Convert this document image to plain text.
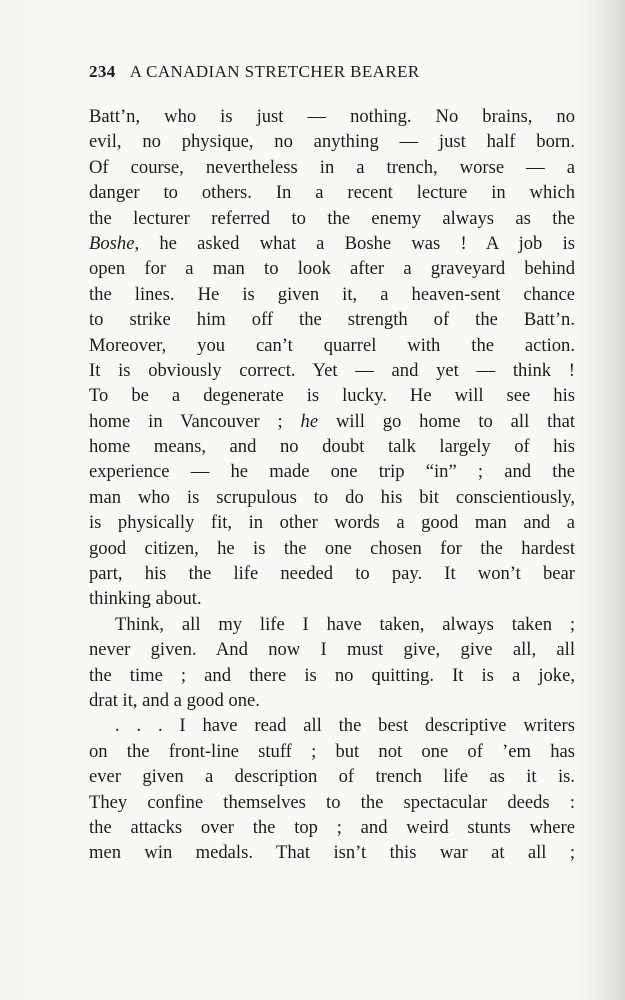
234 A CANADIAN STRETCHER BEARER
Batt’n, who is just — nothing. No brains, no
evil, no physique, no anything — just half born.
Of course, nevertheless in a trench, worse — a
danger to others. In a recent lecture in which
the lecturer referred to the enemy always as the
Boshe, he asked what a Boshe was ! A job is
open for a man to look after a graveyard behind
the lines. He is given it, a heaven-sent chance
to strike him off the strength of the Batt’n.
Moreover, you can’t quarrel with the action.
It is obviously correct. Yet — and yet — think !
To be a degenerate is lucky. He will see his
home in Vancouver ; he will go home to all that
home means, and no doubt talk largely of his
experience — he made one trip “in” ; and the
man who is scrupulous to do his bit conscientiously,
is physically fit, in other words a good man and a
good citizen, he is the one chosen for the hardest
part, his the life needed to pay. It won’t bear
thinking about.
Think, all my life I have taken, always taken ;
never given. And now I must give, give all, all
the time ; and there is no quitting. It is a joke,
drat it, and a good one.
. . . I have read all the best descriptive writers
on the front-line stuff ; but not one of ’em has
ever given a description of trench life as it is.
They confine themselves to the spectacular deeds :
the attacks over the top ; and weird stunts where
men win medals. That isn’t this war at all ;
